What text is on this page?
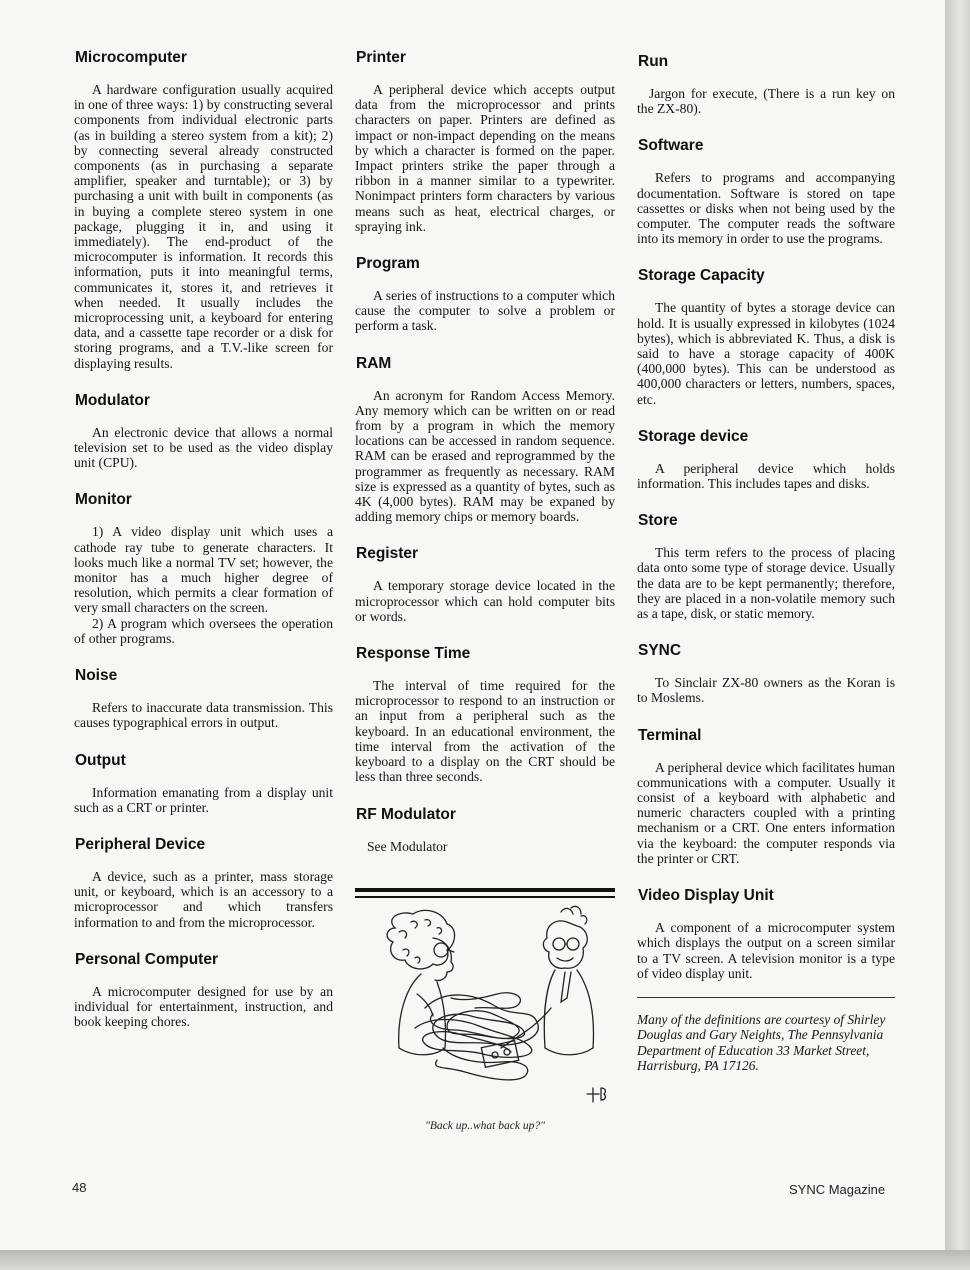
Microcomputer

A hardware configuration usually acquired in one of three ways: 1) by constructing several components from individual electronic parts (as in building a stereo system from a kit); 2) by connecting several already constructed components (as in purchasing a separate amplifier, speaker and turntable); or 3) by purchasing a unit with built in components (as in buying a complete stereo system in one package, plugging it in, and using it immediately). The end-product of the microcomputer is information. It records this information, puts it into meaningful terms, communicates it, stores it, and retrieves it when needed. It usually includes the microprocessing unit, a keyboard for entering data, and a cassette tape recorder or a disk for storing programs, and a T.V.-like screen for displaying results.

Modulator

An electronic device that allows a normal television set to be used as the video display unit (CPU).

Monitor

1) A video display unit which uses a cathode ray tube to generate characters. It looks much like a normal TV set; however, the monitor has a much higher degree of resolution, which permits a clear formation of very small characters on the screen.

2) A program which oversees the operation of other programs.

Noise

Refers to inaccurate data transmission. This causes typographical errors in output.

Output

Information emanating from a display unit such as a CRT or printer.

Peripheral Device

A device, such as a printer, mass storage unit, or keyboard, which is an accessory to a microprocessor and which transfers information to and from the microprocessor.

Personal Computer

A microcomputer designed for use by an individual for entertainment, instruction, and book keeping chores.

Printer

A peripheral device which accepts output data from the microprocessor and prints characters on paper. Printers are defined as impact or non-impact depending on the means by which a character is formed on the paper. Impact printers strike the paper through a ribbon in a manner similar to a typewriter. Nonimpact printers form characters by various means such as heat, electrical charges, or spraying ink.

Program

A series of instructions to a computer which cause the computer to solve a problem or perform a task.

RAM

An acronym for Random Access Memory. Any memory which can be written on or read from by a program in which the memory locations can be accessed in random sequence. RAM can be erased and reprogrammed by the programmer as frequently as necessary. RAM size is expressed as a quantity of bytes, such as 4K (4,000 bytes). RAM may be expaned by adding memory chips or memory boards.

Register

A temporary storage device located in the microprocessor which can hold computer bits or words.

Response Time

The interval of time required for the microprocessor to respond to an instruction or an input from a peripheral such as the keyboard. In an educational environment, the time interval from the activation of the keyboard to a display on the CRT should be less than three seconds.

RF Modulator

See Modulator

EB
"Back up..what back up?"
Run

Jargon for execute, (There is a run key on the ZX-80).

Software

Refers to programs and accompanying documentation. Software is stored on tape cassettes or disks when not being used by the computer. The computer reads the software into its memory in order to use the programs.

Storage Capacity

The quantity of bytes a storage device can hold. It is usually expressed in kilobytes (1024 bytes), which is abbreviated K. Thus, a disk is said to have a storage capacity of 400K (400,000 bytes). This can be understood as 400,000 characters or letters, numbers, spaces, etc.

Storage device

A peripheral device which holds information. This includes tapes and disks.

Store

This term refers to the process of placing data onto some type of storage device. Usually the data are to be kept permanently; therefore, they are placed in a non-volatile memory such as a tape, disk, or static memory.

SYNC

To Sinclair ZX-80 owners as the Koran is to Moslems.

Terminal

A peripheral device which facilitates human communications with a computer. Usually it consist of a keyboard with alphabetic and numeric characters coupled with a printing mechanism or a CRT. One enters information via the keyboard: the computer responds via the printer or CRT.

Video Display Unit

A component of a microcomputer system which displays the output on a screen similar to a TV screen. A television monitor is a type of video display unit.

Many of the definitions are courtesy of Shirley Douglas and Gary Neights, The Pennsylvania Department of Education 33 Market Street, Harrisburg, PA 17126.

48	SYNC Magazine
